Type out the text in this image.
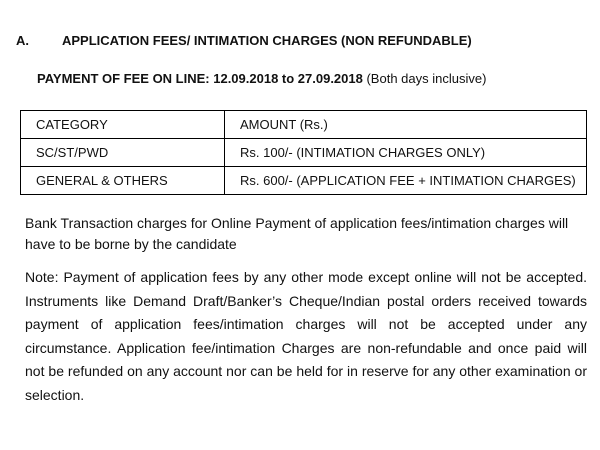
A.	APPLICATION FEES/ INTIMATION CHARGES (NON REFUNDABLE)
PAYMENT OF FEE ON LINE: 12.09.2018 to 27.09.2018 (Both days inclusive)
CATEGORY	AMOUNT (Rs.)
SC/ST/PWD	Rs. 100/- (INTIMATION CHARGES ONLY)
GENERAL & OTHERS	Rs. 600/- (APPLICATION FEE + INTIMATION CHARGES)

Bank Transaction charges for Online Payment of application fees/intimation charges will have to be borne by the candidate

Note: Payment of application fees by any other mode except online will not be accepted. Instruments like Demand Draft/Banker’s Cheque/Indian postal orders received towards payment of application fees/intimation charges will not be accepted under any circumstance. Application fee/intimation Charges are non-refundable and once paid will not be refunded on any account nor can be held for in reserve for any other examination or selection.
